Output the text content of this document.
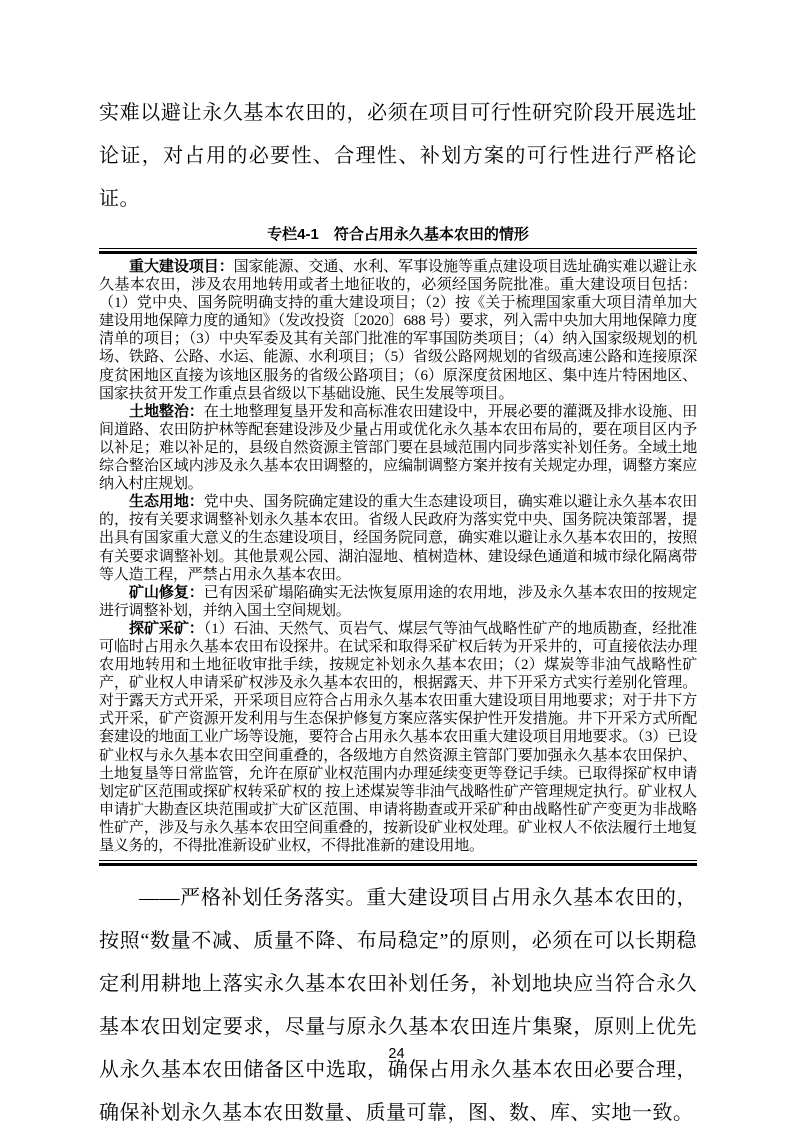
实难以避让永久基本农田的，必须在项目可行性研究阶段开展选址论证，对占用的必要性、合理性、补划方案的可行性进行严格论证。

专栏4-1　符合占用永久基本农田的情形

重大建设项目：国家能源、交通、水利、军事设施等重点建设项目选址确实难以避让永久基本农田，涉及农用地转用或者土地征收的，必须经国务院批准。重大建设项目包括：（1）党中央、国务院明确支持的重大建设项目；（2）按《关于梳理国家重大项目清单加大建设用地保障力度的通知》（发改投资〔2020〕688 号）要求，列入需中央加大用地保障力度清单的项目；（3）中央军委及其有关部门批准的军事国防类项目；（4）纳入国家级规划的机场、铁路、公路、水运、能源、水利项目；（5）省级公路网规划的省级高速公路和连接原深度贫困地区直接为该地区服务的省级公路项目；（6）原深度贫困地区、集中连片特困地区、国家扶贫开发工作重点县省级以下基础设施、民生发展等项目。

土地整治：在土地整理复垦开发和高标准农田建设中，开展必要的灌溉及排水设施、田间道路、农田防护林等配套建设涉及少量占用或优化永久基本农田布局的，要在项目区内予以补足；难以补足的，县级自然资源主管部门要在县域范围内同步落实补划任务。全域土地综合整治区域内涉及永久基本农田调整的，应编制调整方案并按有关规定办理，调整方案应纳入村庄规划。

生态用地：党中央、国务院确定建设的重大生态建设项目，确实难以避让永久基本农田的，按有关要求调整补划永久基本农田。省级人民政府为落实党中央、国务院决策部署，提出具有国家重大意义的生态建设项目，经国务院同意，确实难以避让永久基本农田的，按照有关要求调整补划。其他景观公园、湖泊湿地、植树造林、建设绿色通道和城市绿化隔离带等人造工程，严禁占用永久基本农田。

矿山修复：已有因采矿塌陷确实无法恢复原用途的农用地，涉及永久基本农田的按规定进行调整补划，并纳入国土空间规划。

探矿采矿：（1）石油、天然气、页岩气、煤层气等油气战略性矿产的地质勘查，经批准可临时占用永久基本农田布设探井。在试采和取得采矿权后转为开采井的，可直接依法办理农用地转用和土地征收审批手续，按规定补划永久基本农田；（2）煤炭等非油气战略性矿产，矿业权人申请采矿权涉及永久基本农田的，根据露天、井下开采方式实行差别化管理。对于露天方式开采，开采项目应符合占用永久基本农田重大建设项目用地要求；对于井下方式开采，矿产资源开发利用与生态保护修复方案应落实保护性开发措施。井下开采方式所配套建设的地面工业广场等设施，要符合占用永久基本农田重大建设项目用地要求。（3）已设矿业权与永久基本农田空间重叠的，各级地方自然资源主管部门要加强永久基本农田保护、土地复垦等日常监管，允许在原矿业权范围内办理延续变更等登记手续。已取得探矿权申请划定矿区范围或探矿权转采矿权的 按上述煤炭等非油气战略性矿产管理规定执行。矿业权人申请扩大勘查区块范围或扩大矿区范围、申请将勘查或开采矿种由战略性矿产变更为非战略性矿产，涉及与永久基本农田空间重叠的，按新设矿业权处理。矿业权人不依法履行土地复垦义务的，不得批准新设矿业权，不得批准新的建设用地。

——严格补划任务落实。重大建设项目占用永久基本农田的，按照“数量不减、质量不降、布局稳定”的原则，必须在可以长期稳定利用耕地上落实永久基本农田补划任务，补划地块应当符合永久基本农田划定要求，尽量与原永久基本农田连片集聚，原则上优先从永久基本农田储备区中选取，确保占用永久基本农田必要合理，确保补划永久基本农田数量、质量可靠，图、数、库、实地一致。

24
